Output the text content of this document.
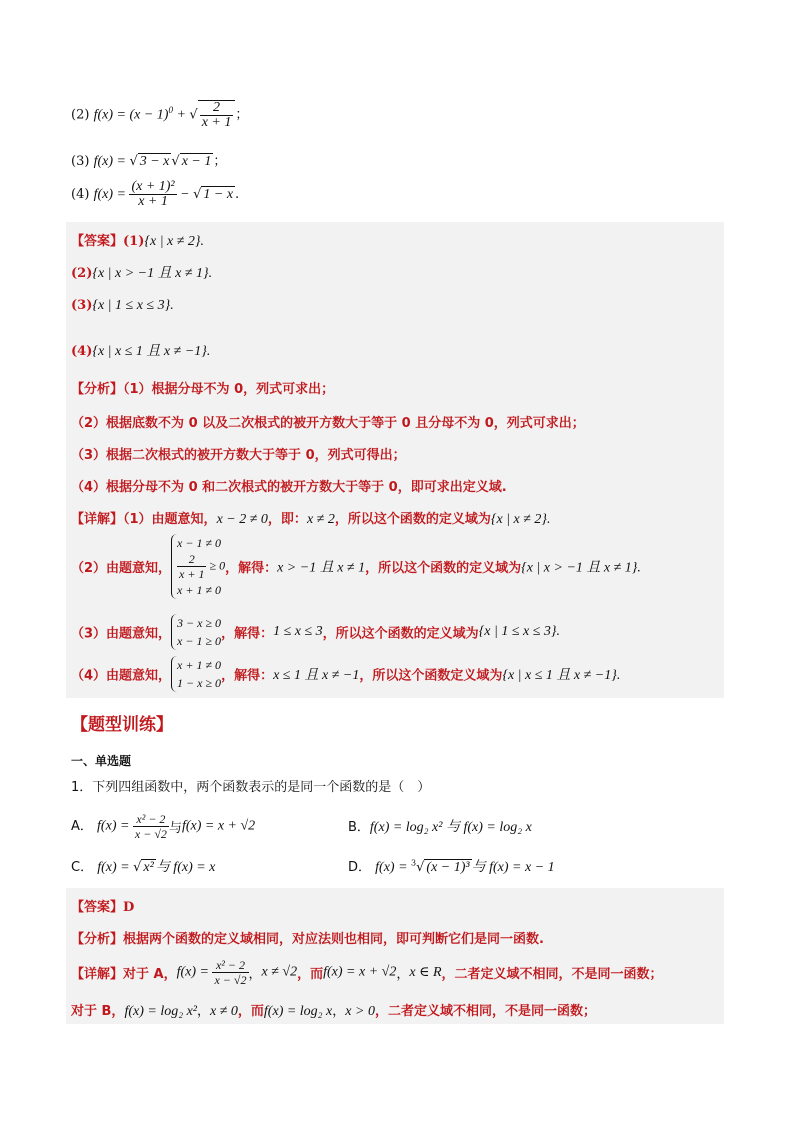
(2) $f(x) = (x - 1)^0$ + √ $\frac{2}{x + 1}$ ；
(3) f(x) = √ 3 − x √ x − 1 ；
(4) $f(x) = \frac{\text{(x + 1)²}}{x + 1}$ − √ 1 − x .
【答案】(1){x | x ≠ 2}.
(2){x | x > −1 且 x ≠ 1}.
(3){x | 1 ≤ x ≤ 3}.
(4){x | x ≤ 1 且 x ≠ −1}.
【分析】（1）根据分母不为 0，列式可求出；
（2）根据底数不为 0 以及二次根式的被开方数大于等于 0 且分母不为 0，列式可求出；
（3）根据二次根式的被开方数大于等于 0，列式可得出；
（4）根据分母不为 0 和二次根式的被开方数大于等于 0，即可求出定义域.
【详解】（1）由题意知，x − 2 ≠ 0，即：x ≠ 2，所以这个函数的定义域为{x | x ≠ 2}.
（2）由题意知，
x − 1 ≠ 0
$\frac{2}{x + 1} \ge 0$
x + 1 ≠ 0
，解得：x > −1 且 x ≠ 1，所以这个函数的定义域为{x | x > −1 且 x ≠ 1}.
（3）由题意知，
3 − x ≥ 0
x − 1 ≥ 0 ，解得：1 ≤ x ≤ 3，所以这个函数的定义域为{x | 1 ≤ x ≤ 3}.
（4）由题意知，
x + 1 ≠ 0
1 − x ≥ 0 ，解得：x ≤ 1 且 x ≠ −1，所以这个函数定义域为{x | x ≤ 1 且 x ≠ −1}.
【题型训练】
一、单选题
1．下列四组函数中，两个函数表示的是同一个函数的是（　）
A． $f(x) = \frac{\text{x² − 2}}{x - √2}$ 与f(x) = x + √2	B．f(x) = log₂ x² 与 f(x) = log₂ x
C． f(x) = √ x² 与 f(x) = x	D． f(x) = $^3$√ (x − 1)³ 与 f(x) = x − 1
【答案】D
【分析】根据两个函数的定义域相同，对应法则也相同，即可判断它们是同一函数.
【详解】对于 A，$f(x) = \frac{\text{x² − 2}}{x - √2}$ ，x ≠ √2，而f(x) = x + √2，x ∈ R，二者定义域不相同，不是同一函数；
对于 B，f(x) = log₂ x²，x ≠ 0，而f(x) = log₂ x，x > 0，二者定义域不相同，不是同一函数；
